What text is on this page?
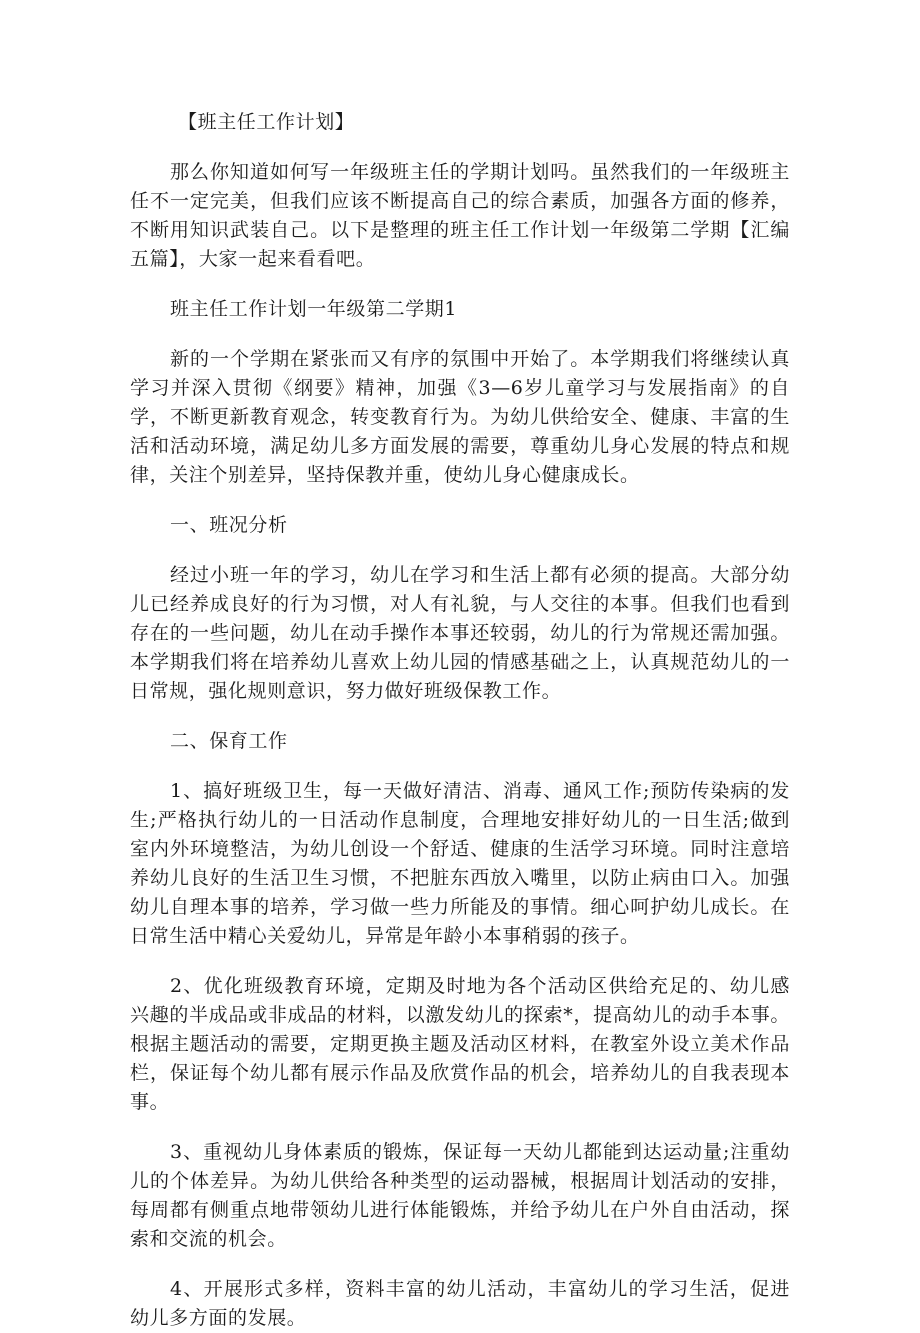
【班主任工作计划】

那么你知道如何写一年级班主任的学期计划吗。虽然我们的一年级班主任不一定完美，但我们应该不断提高自己的综合素质，加强各方面的修养，不断用知识武装自己。以下是整理的班主任工作计划一年级第二学期【汇编五篇】，大家一起来看看吧。

班主任工作计划一年级第二学期1

新的一个学期在紧张而又有序的氛围中开始了。本学期我们将继续认真学习并深入贯彻《纲要》精神，加强《3—6岁儿童学习与发展指南》的自学，不断更新教育观念，转变教育行为。为幼儿供给安全、健康、丰富的生活和活动环境，满足幼儿多方面发展的需要，尊重幼儿身心发展的特点和规律，关注个别差异，坚持保教并重，使幼儿身心健康成长。

一、班况分析

经过小班一年的学习，幼儿在学习和生活上都有必须的提高。大部分幼儿已经养成良好的行为习惯，对人有礼貌，与人交往的本事。但我们也看到存在的一些问题，幼儿在动手操作本事还较弱，幼儿的行为常规还需加强。本学期我们将在培养幼儿喜欢上幼儿园的情感基础之上，认真规范幼儿的一日常规，强化规则意识，努力做好班级保教工作。

二、保育工作

1、搞好班级卫生，每一天做好清洁、消毒、通风工作;预防传染病的发生;严格执行幼儿的一日活动作息制度，合理地安排好幼儿的一日生活;做到室内外环境整洁，为幼儿创设一个舒适、健康的生活学习环境。同时注意培养幼儿良好的生活卫生习惯，不把脏东西放入嘴里，以防止病由口入。加强幼儿自理本事的培养，学习做一些力所能及的事情。细心呵护幼儿成长。在日常生活中精心关爱幼儿，异常是年龄小本事稍弱的孩子。

2、优化班级教育环境，定期及时地为各个活动区供给充足的、幼儿感兴趣的半成品或非成品的材料，以激发幼儿的探索*，提高幼儿的动手本事。根据主题活动的需要，定期更换主题及活动区材料，在教室外设立美术作品栏，保证每个幼儿都有展示作品及欣赏作品的机会，培养幼儿的自我表现本事。

3、重视幼儿身体素质的锻炼，保证每一天幼儿都能到达运动量;注重幼儿的个体差异。为幼儿供给各种类型的运动器械，根据周计划活动的安排，每周都有侧重点地带领幼儿进行体能锻炼，并给予幼儿在户外自由活动，探索和交流的机会。

4、开展形式多样，资料丰富的幼儿活动，丰富幼儿的学习生活，促进幼儿多方面的发展。
